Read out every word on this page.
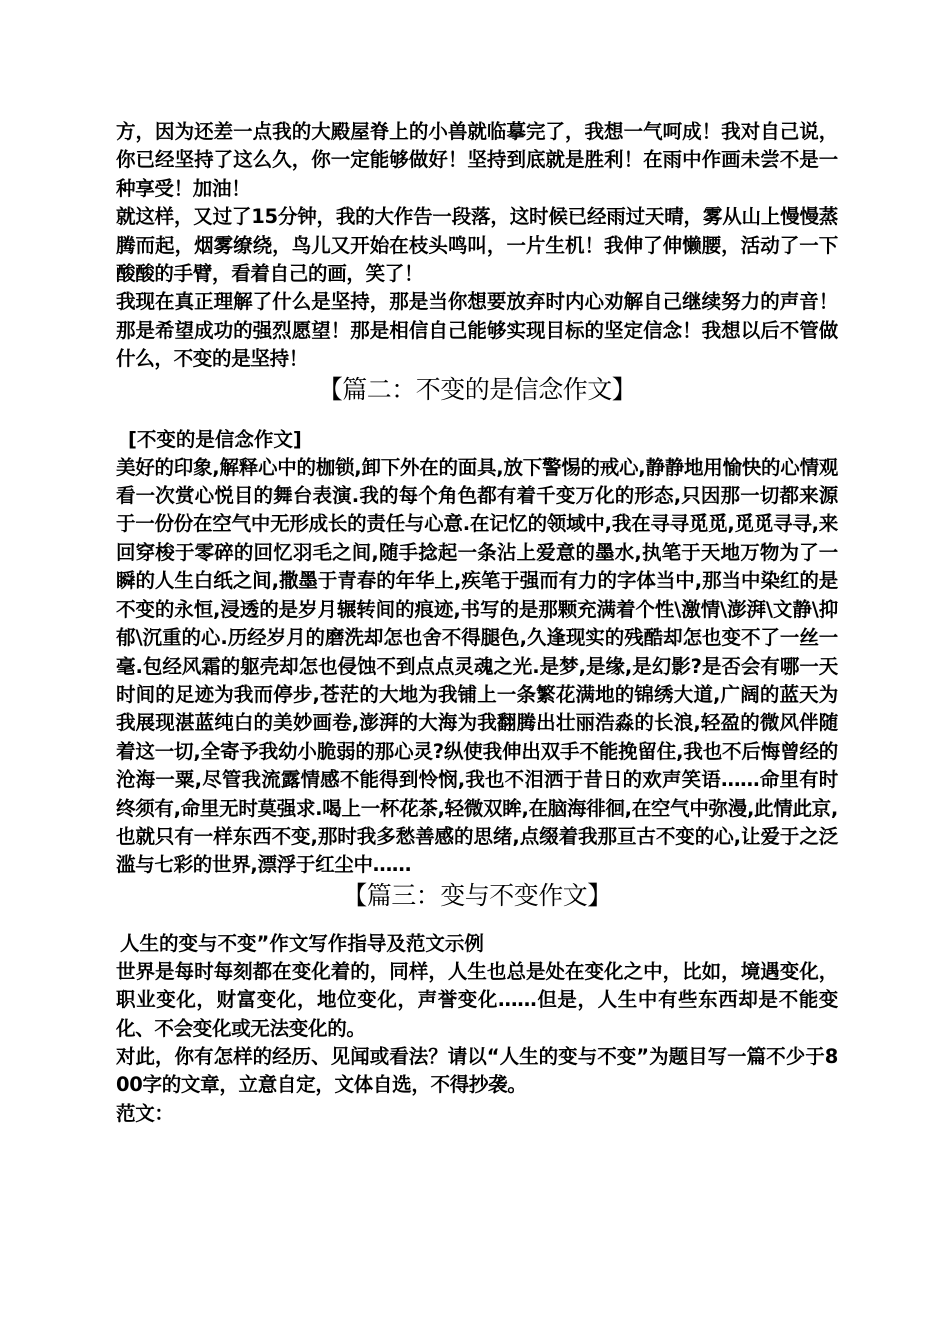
方，因为还差一点我的大殿屋脊上的小兽就临摹完了，我想一气呵成！我对自己说，你已经坚持了这么久，你一定能够做好！坚持到底就是胜利！在雨中作画未尝不是一种享受！加油！

就这样，又过了15分钟，我的大作告一段落，这时候已经雨过天晴，雾从山上慢慢蒸腾而起，烟雾缭绕，鸟儿又开始在枝头鸣叫，一片生机！我伸了伸懒腰，活动了一下酸酸的手臂，看着自己的画，笑了！

我现在真正理解了什么是坚持，那是当你想要放弃时内心劝解自己继续努力的声音！那是希望成功的强烈愿望！那是相信自己能够实现目标的坚定信念！我想以后不管做什么，不变的是坚持！

【篇二：不变的是信念作文】

[不变的是信念作文]

美好的印象,解释心中的枷锁,卸下外在的面具,放下警惕的戒心,静静地用愉快的心情观看一次赏心悦目的舞台表演.我的每个角色都有着千变万化的形态,只因那一切都来源于一份份在空气中无形成长的责任与心意.在记忆的领域中,我在寻寻觅觅,觅觅寻寻,来回穿梭于零碎的回忆羽毛之间,随手捻起一条沾上爱意的墨水,执笔于天地万物为了一瞬的人生白纸之间,撒墨于青春的年华上,疾笔于强而有力的字体当中,那当中染红的是不变的永恒,浸透的是岁月辗转间的痕迹,书写的是那颗充满着个性\激情\澎湃\文静\抑郁\沉重的心.历经岁月的磨洗却怎也舍不得腿色,久逢现实的残酷却怎也变不了一丝一毫.包经风霜的躯壳却怎也侵蚀不到点点灵魂之光.是梦,是缘,是幻影?是否会有哪一天时间的足迹为我而停步,苍茫的大地为我铺上一条繁花满地的锦绣大道,广阔的蓝天为我展现湛蓝纯白的美妙画卷,澎湃的大海为我翻腾出壮丽浩淼的长浪,轻盈的微风伴随着这一切,全寄予我幼小脆弱的那心灵?纵使我伸出双手不能挽留住,我也不后悔曾经的沧海一粟,尽管我流露情感不能得到怜悯,我也不泪洒于昔日的欢声笑语……命里有时终须有,命里无时莫强求.喝上一杯花茶,轻微双眸,在脑海徘徊,在空气中弥漫,此情此京,也就只有一样东西不变,那时我多愁善感的思绪,点缀着我那亘古不变的心,让爱于之泛滥与七彩的世界,漂浮于红尘中……

【篇三：变与不变作文】

人生的变与不变”作文写作指导及范文示例

世界是每时每刻都在变化着的，同样，人生也总是处在变化之中，比如，境遇变化，职业变化，财富变化，地位变化，声誉变化……但是，人生中有些东西却是不能变化、不会变化或无法变化的。

对此，你有怎样的经历、见闻或看法？请以“人生的变与不变”为题目写一篇不少于800字的文章，立意自定，文体自选，不得抄袭。

范文：
